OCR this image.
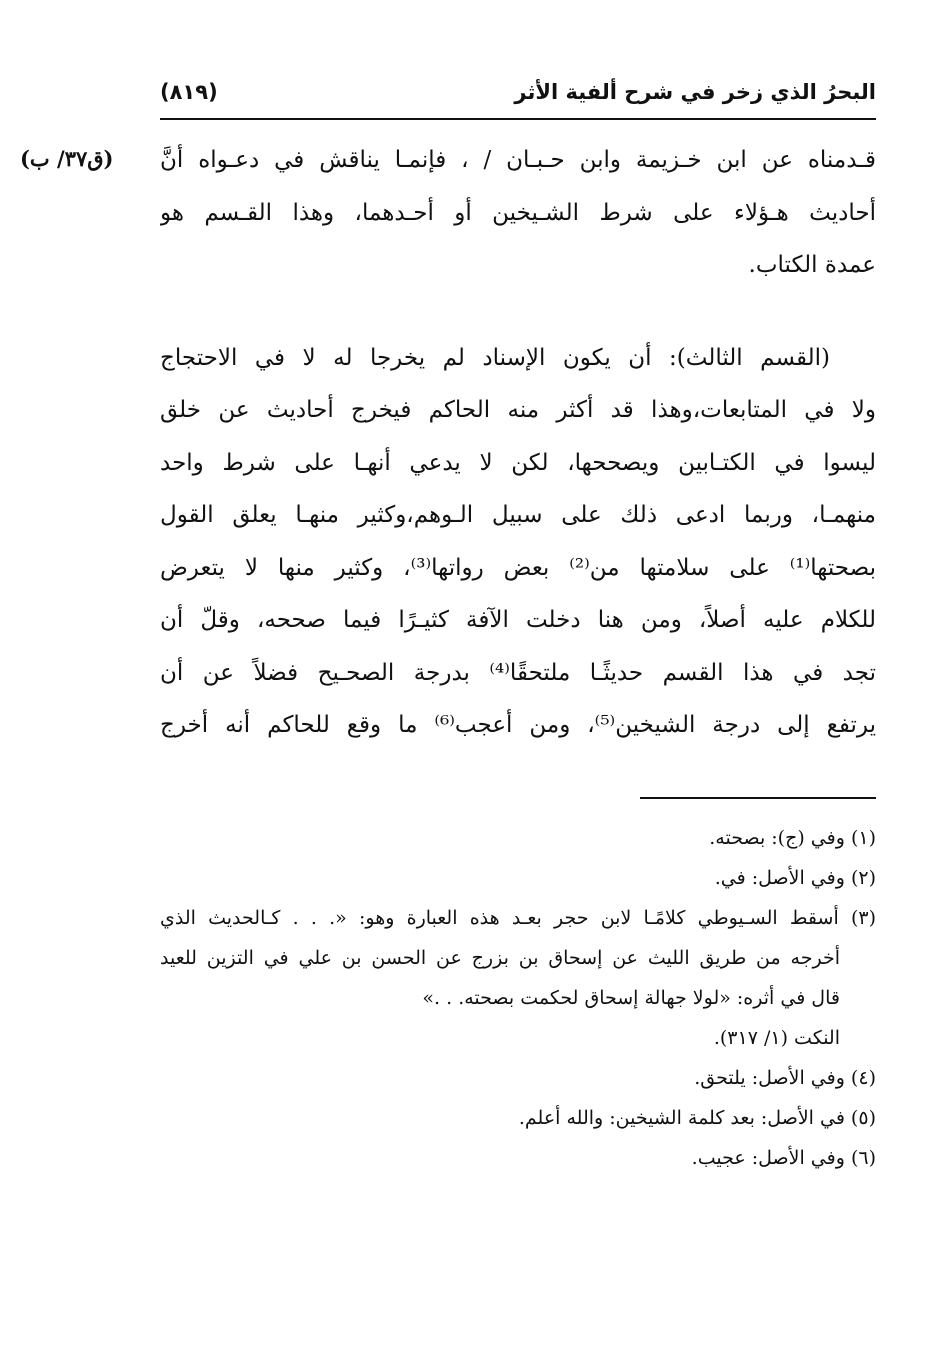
البحرُ الذي زخر في شرح ألفية الأثر
(٨١٩)
(ق٣٧/ ب) قـدمناه عن ابن خـزيمة وابن حـبـان / ، فإنمـا يناقش في دعـواه أنَّ
أحاديث هـؤلاء على شرط الشـيخين أو أحـدهما، وهذا القـسم هو
عمدة الكتاب.
(القسم الثالث): أن يكون الإسناد لم يخرجا له لا في الاحتجاج
ولا في المتابعات،وهذا قد أكثر منه الحاكم فيخرج أحاديث عن خلق
ليسوا في الكتـابين ويصححها، لكن لا يدعي أنهـا على شرط واحد
منهمـا، وربما ادعى ذلك على سبيل الـوهم،وكثير منهـا يعلق القول
بصحتها⁽¹⁾ على سلامتها من⁽²⁾ بعض رواتها⁽³⁾، وكثير منها لا يتعرض
للكلام عليه أصلاً، ومن هنا دخلت الآفة كثيـرًا فيما صححه، وقلّ أن
تجد في هذا القسم حديثًـا ملتحقًا⁽⁴⁾ بدرجة الصحـيح فضلاً عن أن
يرتفع إلى درجة الشيخين⁽⁵⁾، ومن أعجب⁽⁶⁾ ما وقع للحاكم أنه أخرج
(١) وفي (ج): بصحته.
(٢) وفي الأصل: في.
(٣) أسقط السـيوطي كلامًـا لابن حجر بعـد هذه العبارة وهو: «. . . كـالحديث الذي
أخرجه من طريق الليث عن إسحاق بن بزرج عن الحسن بن علي في التزين للعيد
قال في أثره: «لولا جهالة إسحاق لحكمت بصحته. . .»
النكت (١/ ٣١٧).
(٤) وفي الأصل: يلتحق.
(٥) في الأصل: بعد كلمة الشيخين: والله أعلم.
(٦) وفي الأصل: عجيب.
